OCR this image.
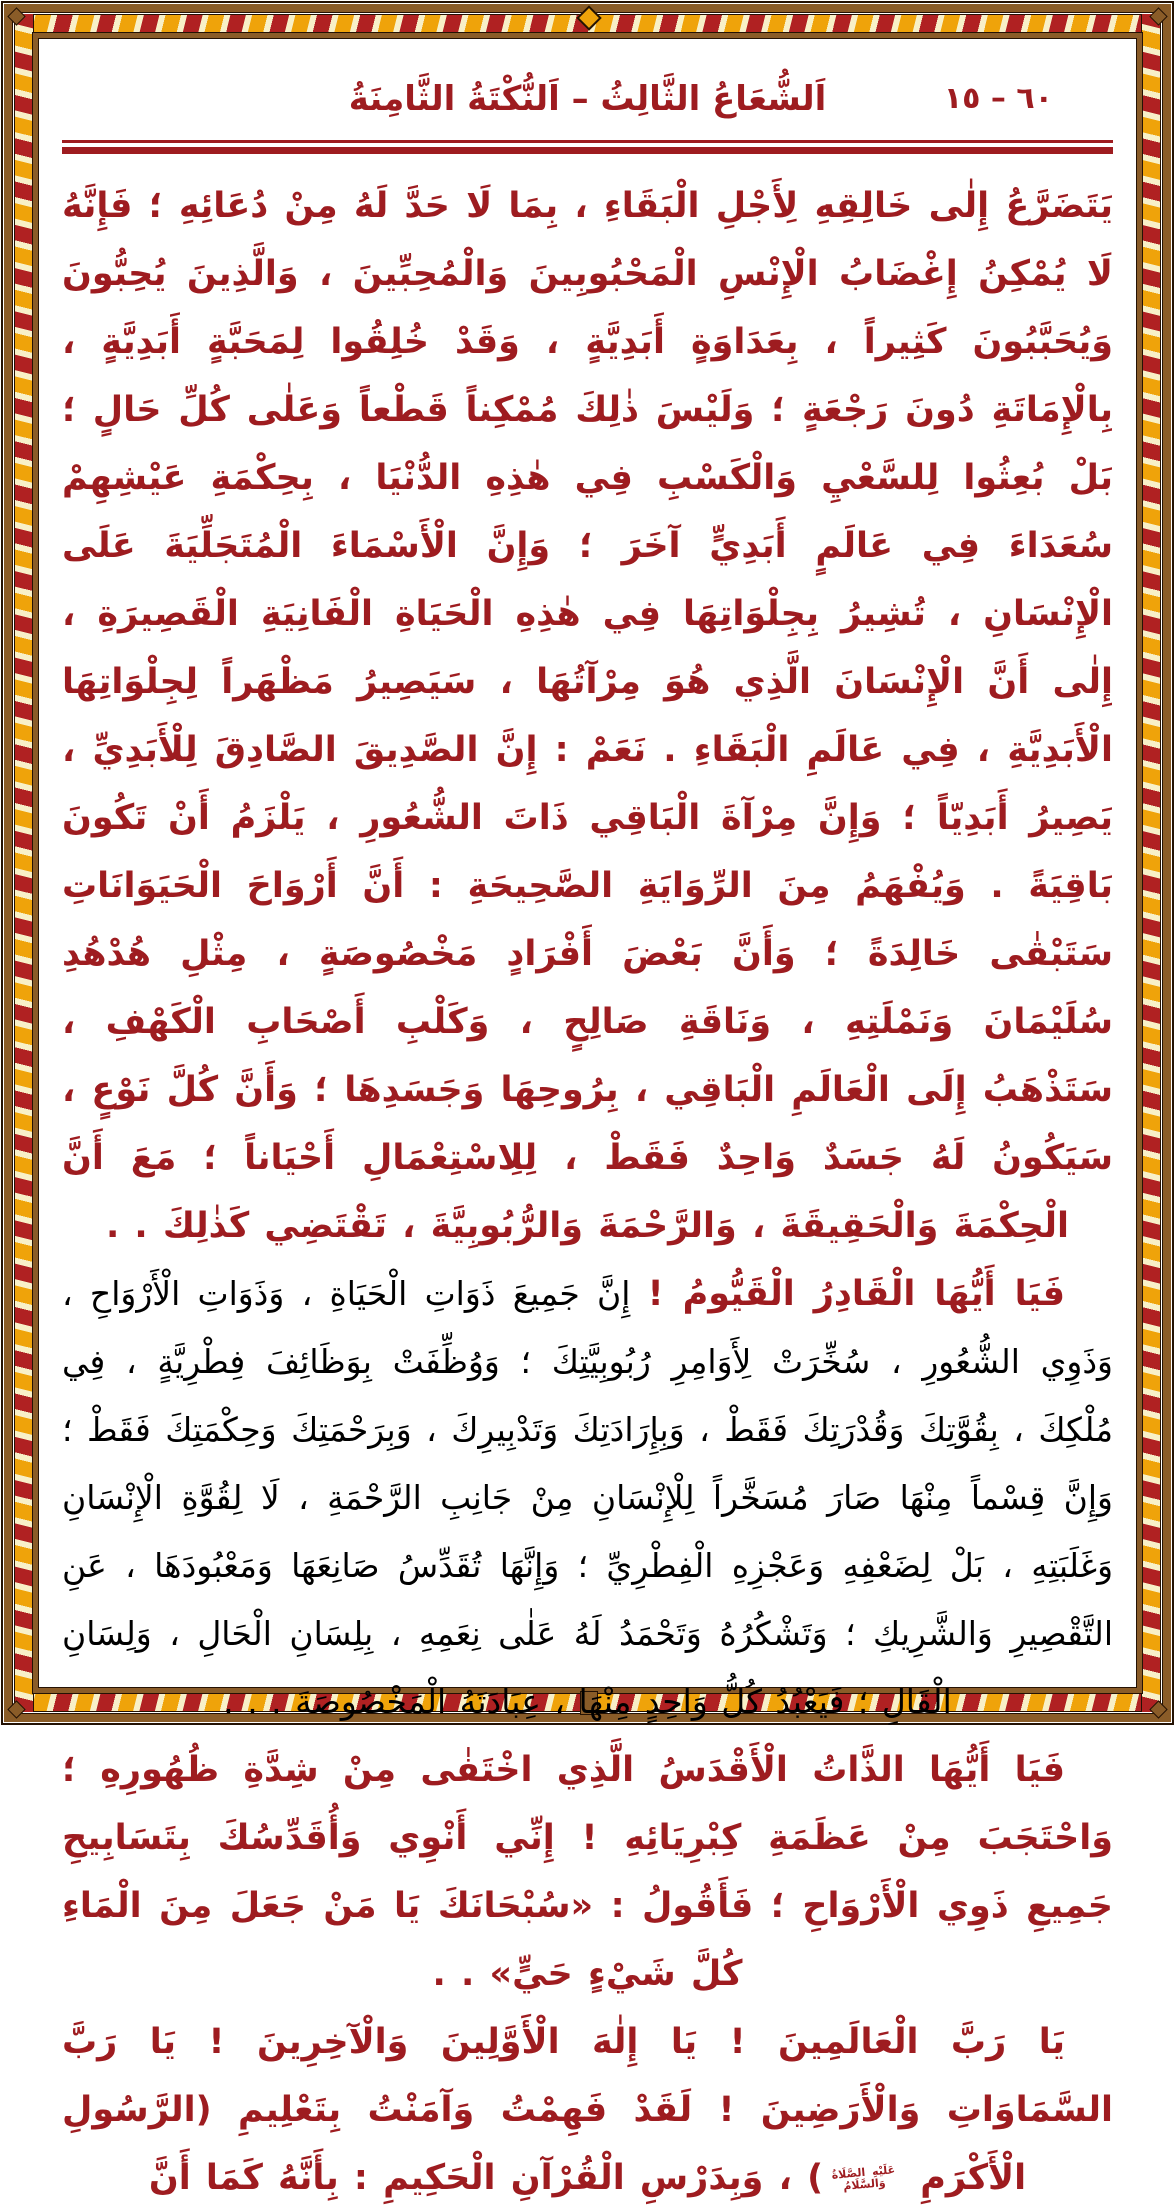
اَلشُّعَاعُ الثَّالِثُ – اَلنُّكْتَةُ الثَّامِنَةُ	٦٠ – ١٥

يَتَضَرَّعُ إِلٰى خَالِقِهِ لِأَجْلِ الْبَقَاءِ ، بِمَا لَا حَدَّ لَهُ مِنْ دُعَائِهِ ؛ فَإِنَّهُ لَا يُمْكِنُ إِغْضَابُ الْإِنْسِ الْمَحْبُوبِينَ وَالْمُحِبِّينَ ، وَالَّذِينَ يُحِبُّونَ وَيُحَبَّبُونَ كَثِيراً ، بِعَدَاوَةٍ أَبَدِيَّةٍ ، وَقَدْ خُلِقُوا لِمَحَبَّةٍ أَبَدِيَّةٍ ، بِالْإِمَاتَةِ دُونَ رَجْعَةٍ ؛ وَلَيْسَ ذٰلِكَ مُمْكِناً قَطْعاً وَعَلٰى كُلِّ حَالٍ ؛ بَلْ بُعِثُوا لِلسَّعْيِ وَالْكَسْبِ فِي هٰذِهِ الدُّنْيَا ، بِحِكْمَةِ عَيْشِهِمْ سُعَدَاءَ فِي عَالَمٍ أَبَدِيٍّ آخَرَ ؛ وَإِنَّ الْأَسْمَاءَ الْمُتَجَلِّيَةَ عَلَى الْإِنْسَانِ ، تُشِيرُ بِجِلْوَاتِهَا فِي هٰذِهِ الْحَيَاةِ الْفَانِيَةِ الْقَصِيرَةِ ، إِلٰى أَنَّ الْإِنْسَانَ الَّذِي هُوَ مِرْآتُهَا ، سَيَصِيرُ مَظْهَراً لِجِلْوَاتِهَا الْأَبَدِيَّةِ ، فِي عَالَمِ الْبَقَاءِ . نَعَمْ : إِنَّ الصَّدِيقَ الصَّادِقَ لِلْأَبَدِيِّ ، يَصِيرُ أَبَدِيّاً ؛ وَإِنَّ مِرْآةَ الْبَاقِي ذَاتَ الشُّعُورِ ، يَلْزَمُ أَنْ تَكُونَ بَاقِيَةً . وَيُفْهَمُ مِنَ الرِّوَايَةِ الصَّحِيحَةِ : أَنَّ أَرْوَاحَ الْحَيَوَانَاتِ سَتَبْقٰى خَالِدَةً ؛ وَأَنَّ بَعْضَ أَفْرَادٍ مَخْصُوصَةٍ ، مِثْلِ هُدْهُدِ سُلَيْمَانَ وَنَمْلَتِهِ ، وَنَاقَةِ صَالِحٍ ، وَكَلْبِ أَصْحَابِ الْكَهْفِ ، سَتَذْهَبُ إِلَى الْعَالَمِ الْبَاقِي ، بِرُوحِهَا وَجَسَدِهَا ؛ وَأَنَّ كُلَّ نَوْعٍ ، سَيَكُونُ لَهُ جَسَدٌ وَاحِدٌ فَقَطْ ، لِلِاسْتِعْمَالِ أَحْيَاناً ؛ مَعَ أَنَّ الْحِكْمَةَ وَالْحَقِيقَةَ ، وَالرَّحْمَةَ وَالرُّبُوبِيَّةَ ، تَقْتَضِي كَذٰلِكَ . .

فَيَا أَيُّهَا الْقَادِرُ الْقَيُّومُ ! إِنَّ جَمِيعَ ذَوَاتِ الْحَيَاةِ ، وَذَوَاتِ الْأَرْوَاحِ ، وَذَوِي الشُّعُورِ ، سُخِّرَتْ لِأَوَامِرِ رُبُوبِيَّتِكَ ؛ وَوُظِّفَتْ بِوَظَائِفَ فِطْرِيَّةٍ ، فِي مُلْكِكَ ، بِقُوَّتِكَ وَقُدْرَتِكَ فَقَطْ ، وَبِإِرَادَتِكَ وَتَدْبِيرِكَ ، وَبِرَحْمَتِكَ وَحِكْمَتِكَ فَقَطْ ؛ وَإِنَّ قِسْماً مِنْهَا صَارَ مُسَخَّراً لِلْإِنْسَانِ مِنْ جَانِبِ الرَّحْمَةِ ، لَا لِقُوَّةِ الْإِنْسَانِ وَغَلَبَتِهِ ، بَلْ لِضَعْفِهِ وَعَجْزِهِ الْفِطْرِيِّ ؛ وَإِنَّهَا تُقَدِّسُ صَانِعَهَا وَمَعْبُودَهَا ، عَنِ التَّقْصِيرِ وَالشَّرِيكِ ؛ وَتَشْكُرُهُ وَتَحْمَدُ لَهُ عَلٰى نِعَمِهِ ، بِلِسَانِ الْحَالِ ، وَلِسَانِ الْقَالِ ؛ فَيَعْبُدُ كُلُّ وَاحِدٍ مِنْهَا ، عِبَادَتَهُ الْمَخْصُوصَةَ . . .

فَيَا أَيُّهَا الذَّاتُ الْأَقْدَسُ الَّذِي اخْتَفٰى مِنْ شِدَّةِ ظُهُورِهِ ؛ وَاحْتَجَبَ مِنْ عَظَمَةِ كِبْرِيَائِهِ ! إِنِّي أَنْوِي وَأُقَدِّسُكَ بِتَسَابِيحِ جَمِيعِ ذَوِي الْأَرْوَاحِ ؛ فَأَقُولُ : «سُبْحَانَكَ يَا مَنْ جَعَلَ مِنَ الْمَاءِ كُلَّ شَيْءٍ حَيٍّ» . .

يَا رَبَّ الْعَالَمِينَ ! يَا إِلٰهَ الْأَوَّلِينَ وَالْآخِرِينَ ! يَا رَبَّ السَّمَاوَاتِ وَالْأَرَضِينَ ! لَقَدْ فَهِمْتُ وَآمَنْتُ بِتَعْلِيمِ (الرَّسُولِ الْأَكْرَمِ عَلَيْهِ الصَّلَاةُ وَالسَّلَامُ) ، وَبِدَرْسِ الْقُرْآنِ الْحَكِيمِ : بِأَنَّهُ كَمَا أَنَّ
